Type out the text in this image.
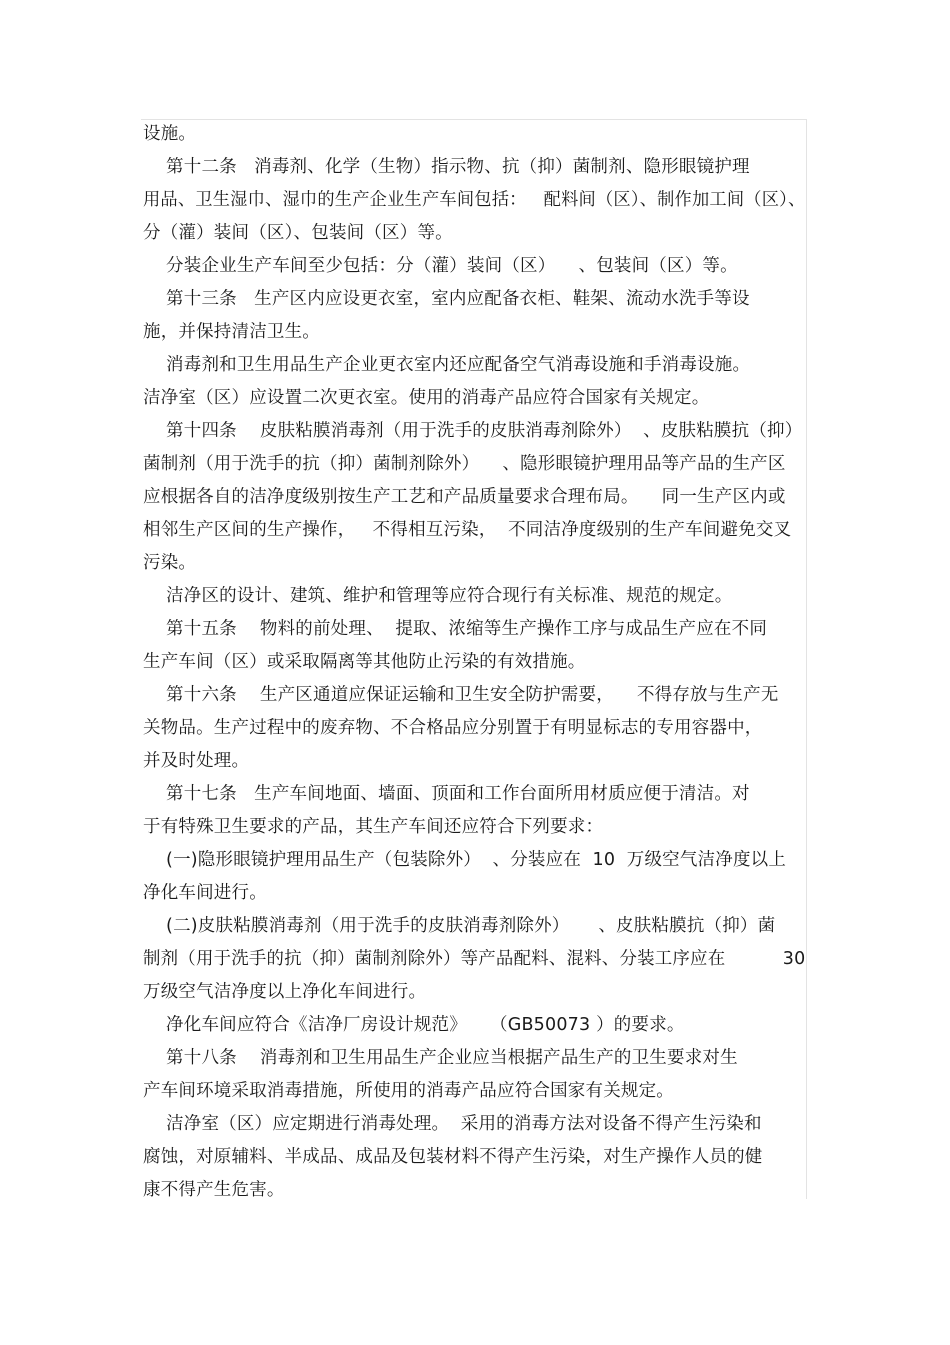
设施。
第十二条   消毒剂、化学（生物）指示物、抗（抑）菌制剂、隐形眼镜护理
用品、卫生湿巾、湿巾的生产企业生产车间包括：   配料间（区）、制作加工间（区）、
分（灌）装间（区）、包装间（区）等。
分装企业生产车间至少包括：分（灌）装间（区）    、包装间（区）等。
第十三条   生产区内应设更衣室，室内应配备衣柜、鞋架、流动水洗手等设
施，并保持清洁卫生。
消毒剂和卫生用品生产企业更衣室内还应配备空气消毒设施和手消毒设施。
洁净室（区）应设置二次更衣室。使用的消毒产品应符合国家有关规定。
第十四条    皮肤粘膜消毒剂（用于洗手的皮肤消毒剂除外）  、皮肤粘膜抗（抑）
菌制剂（用于洗手的抗（抑）菌制剂除外）    、隐形眼镜护理用品等产品的生产区
应根据各自的洁净度级别按生产工艺和产品质量要求合理布局。    同一生产区内或
相邻生产区间的生产操作，   不得相互污染，  不同洁净度级别的生产车间避免交叉
污染。
洁净区的设计、建筑、维护和管理等应符合现行有关标准、规范的规定。
第十五条    物料的前处理、  提取、浓缩等生产操作工序与成品生产应在不同
生产车间（区）或采取隔离等其他防止污染的有效措施。
第十六条    生产区通道应保证运输和卫生安全防护需要，    不得存放与生产无
关物品。生产过程中的废弃物、不合格品应分别置于有明显标志的专用容器中，
并及时处理。
第十七条   生产车间地面、墙面、顶面和工作台面所用材质应便于清洁。对
于有特殊卫生要求的产品，其生产车间还应符合下列要求：
(一)隐形眼镜护理用品生产（包装除外）  、分装应在  10  万级空气洁净度以上
净化车间进行。
(二)皮肤粘膜消毒剂（用于洗手的皮肤消毒剂除外）     、皮肤粘膜抗（抑）菌
制剂（用于洗手的抗（抑）菌制剂除外）等产品配料、混料、分装工序应在          30
万级空气洁净度以上净化车间进行。
净化车间应符合《洁净厂房设计规范》    （GB50073 ）的要求。
第十八条    消毒剂和卫生用品生产企业应当根据产品生产的卫生要求对生
产车间环境采取消毒措施，所使用的消毒产品应符合国家有关规定。
洁净室（区）应定期进行消毒处理。  采用的消毒方法对设备不得产生污染和
腐蚀，对原辅料、半成品、成品及包装材料不得产生污染，对生产操作人员的健
康不得产生危害。
